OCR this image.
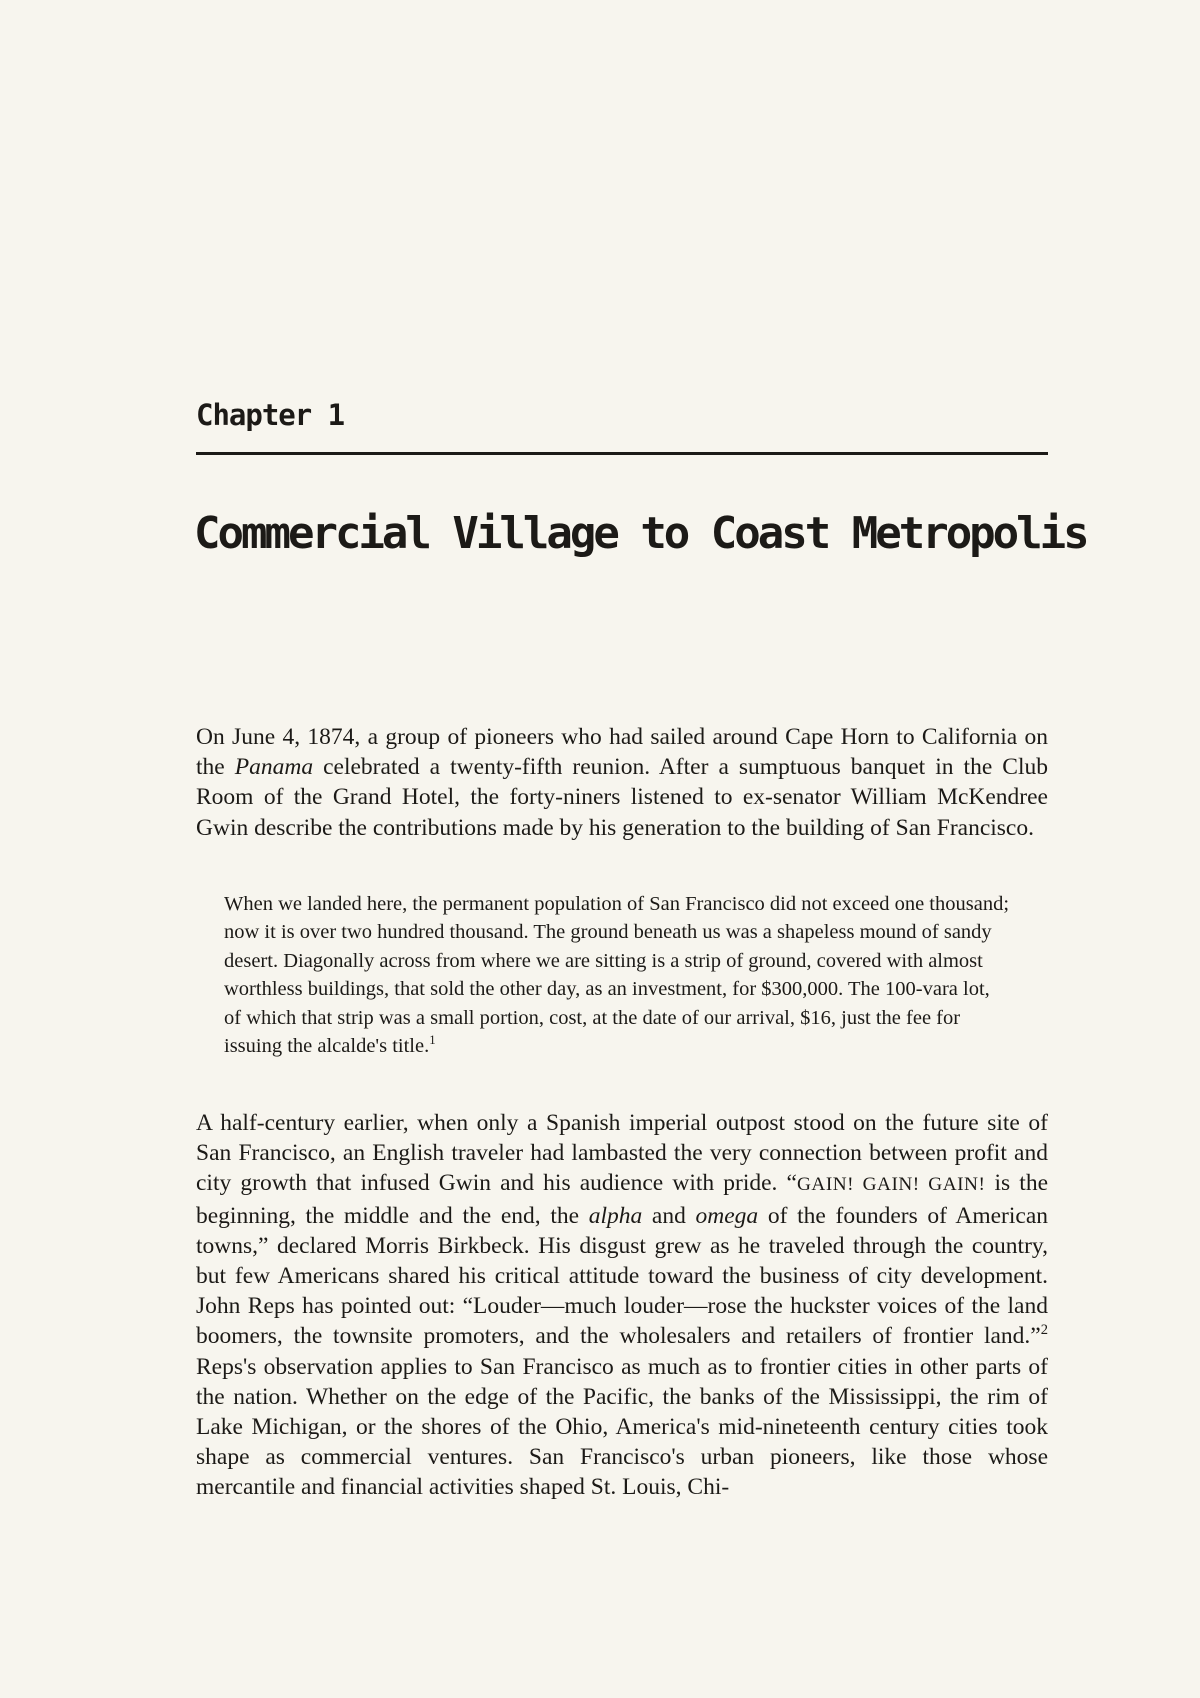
Chapter 1
Commercial Village to Coast Metropolis

On June 4, 1874, a group of pioneers who had sailed around Cape Horn to California on the Panama celebrated a twenty-fifth reunion. After a sumptuous banquet in the Club Room of the Grand Hotel, the forty-niners listened to ex-senator William McKendree Gwin describe the contributions made by his generation to the building of San Francisco.

When we landed here, the permanent population of San Francisco did not exceed one thousand; now it is over two hundred thousand. The ground beneath us was a shapeless mound of sandy desert. Diagonally across from where we are sitting is a strip of ground, covered with almost worthless buildings, that sold the other day, as an investment, for $300,000. The 100-vara lot, of which that strip was a small portion, cost, at the date of our arrival, $16, just the fee for issuing the alcalde's title.$^1$

A half-century earlier, when only a Spanish imperial outpost stood on the future site of San Francisco, an English traveler had lambasted the very connection between profit and city growth that infused Gwin and his audience with pride. “GAIN! GAIN! GAIN! is the beginning, the middle and the end, the alpha and omega of the founders of American towns,” declared Morris Birkbeck. His disgust grew as he traveled through the country, but few Americans shared his critical attitude toward the business of city development. John Reps has pointed out: “Louder—much louder—rose the huckster voices of the land boomers, the townsite promoters, and the wholesalers and retailers of frontier land.”$^2$ Reps's observation applies to San Francisco as much as to frontier cities in other parts of the nation. Whether on the edge of the Pacific, the banks of the Mississippi, the rim of Lake Michigan, or the shores of the Ohio, America's mid-nineteenth century cities took shape as commercial ventures. San Francisco's urban pioneers, like those whose mercantile and financial activities shaped St. Louis, Chi-
